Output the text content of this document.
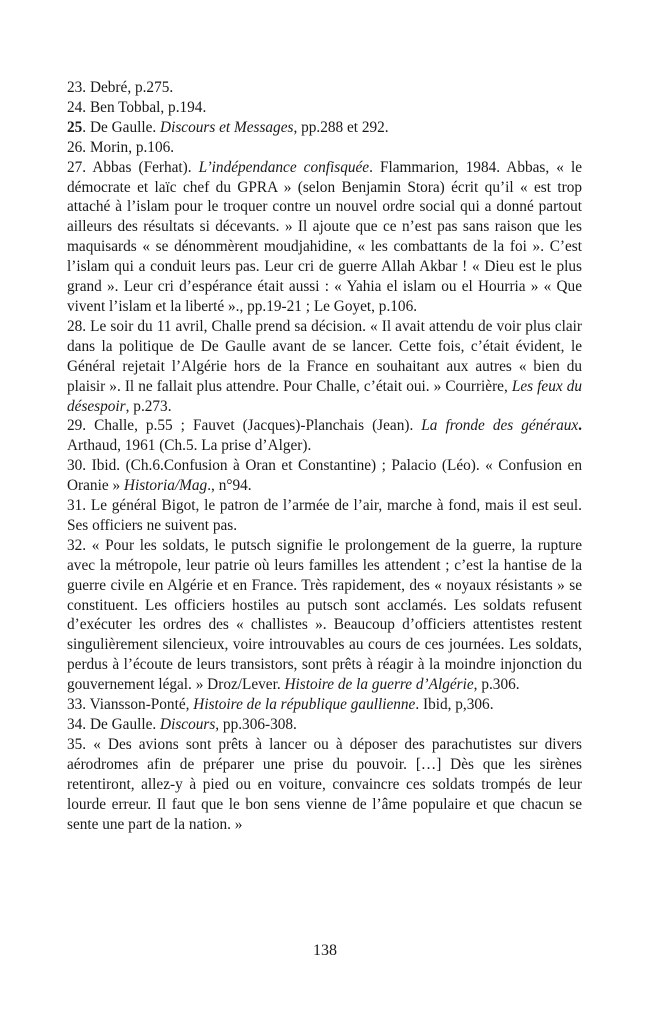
23. Debré, p.275.

24. Ben Tobbal, p.194.

25. De Gaulle. Discours et Messages, pp.288 et 292.

26. Morin, p.106.

27. Abbas (Ferhat). L’indépendance confisquée. Flammarion, 1984. Abbas, « le démocrate et laïc chef du GPRA » (selon Benjamin Stora) écrit qu’il « est trop attaché à l’islam pour le troquer contre un nouvel ordre social qui a donné partout ailleurs des résultats si décevants. » Il ajoute que ce n’est pas sans raison que les maquisards « se dénommèrent moudjahidine, « les combattants de la foi ». C’est l’islam qui a conduit leurs pas. Leur cri de guerre Allah Akbar ! « Dieu est le plus grand ». Leur cri d’espérance était aussi : « Yahia el islam ou el Hourria » « Que vivent l’islam et la liberté »., pp.19-21 ; Le Goyet, p.106.

28. Le soir du 11 avril, Challe prend sa décision. « Il avait attendu de voir plus clair dans la politique de De Gaulle avant de se lancer. Cette fois, c’était évident, le Général rejetait l’Algérie hors de la France en souhaitant aux autres « bien du plaisir ». Il ne fallait plus attendre. Pour Challe, c’était oui. » Courrière, Les feux du désespoir, p.273.

29. Challe, p.55 ; Fauvet (Jacques)-Planchais (Jean). La fronde des généraux. Arthaud, 1961 (Ch.5. La prise d’Alger).

30. Ibid. (Ch.6.Confusion à Oran et Constantine) ; Palacio (Léo). « Confusion en Oranie » Historia/Mag., n°94.

31. Le général Bigot, le patron de l’armée de l’air, marche à fond, mais il est seul. Ses officiers ne suivent pas.

32. « Pour les soldats, le putsch signifie le prolongement de la guerre, la rupture avec la métropole, leur patrie où leurs familles les attendent ; c’est la hantise de la guerre civile en Algérie et en France. Très rapidement, des « noyaux résistants » se constituent. Les officiers hostiles au putsch sont acclamés. Les soldats refusent d’exécuter les ordres des « challistes ». Beaucoup d’officiers attentistes restent singulièrement silencieux, voire introuvables au cours de ces journées. Les soldats, perdus à l’écoute de leurs transistors, sont prêts à réagir à la moindre injonction du gouvernement légal. » Droz/Lever. Histoire de la guerre d’Algérie, p.306.

33. Viansson-Ponté, Histoire de la république gaullienne. Ibid, p,306.

34. De Gaulle. Discours, pp.306-308.

35. « Des avions sont prêts à lancer ou à déposer des parachutistes sur divers aérodromes afin de préparer une prise du pouvoir. […] Dès que les sirènes retentiront, allez-y à pied ou en voiture, convaincre ces soldats trompés de leur lourde erreur. Il faut que le bon sens vienne de l’âme populaire et que chacun se sente une part de la nation. »

138
